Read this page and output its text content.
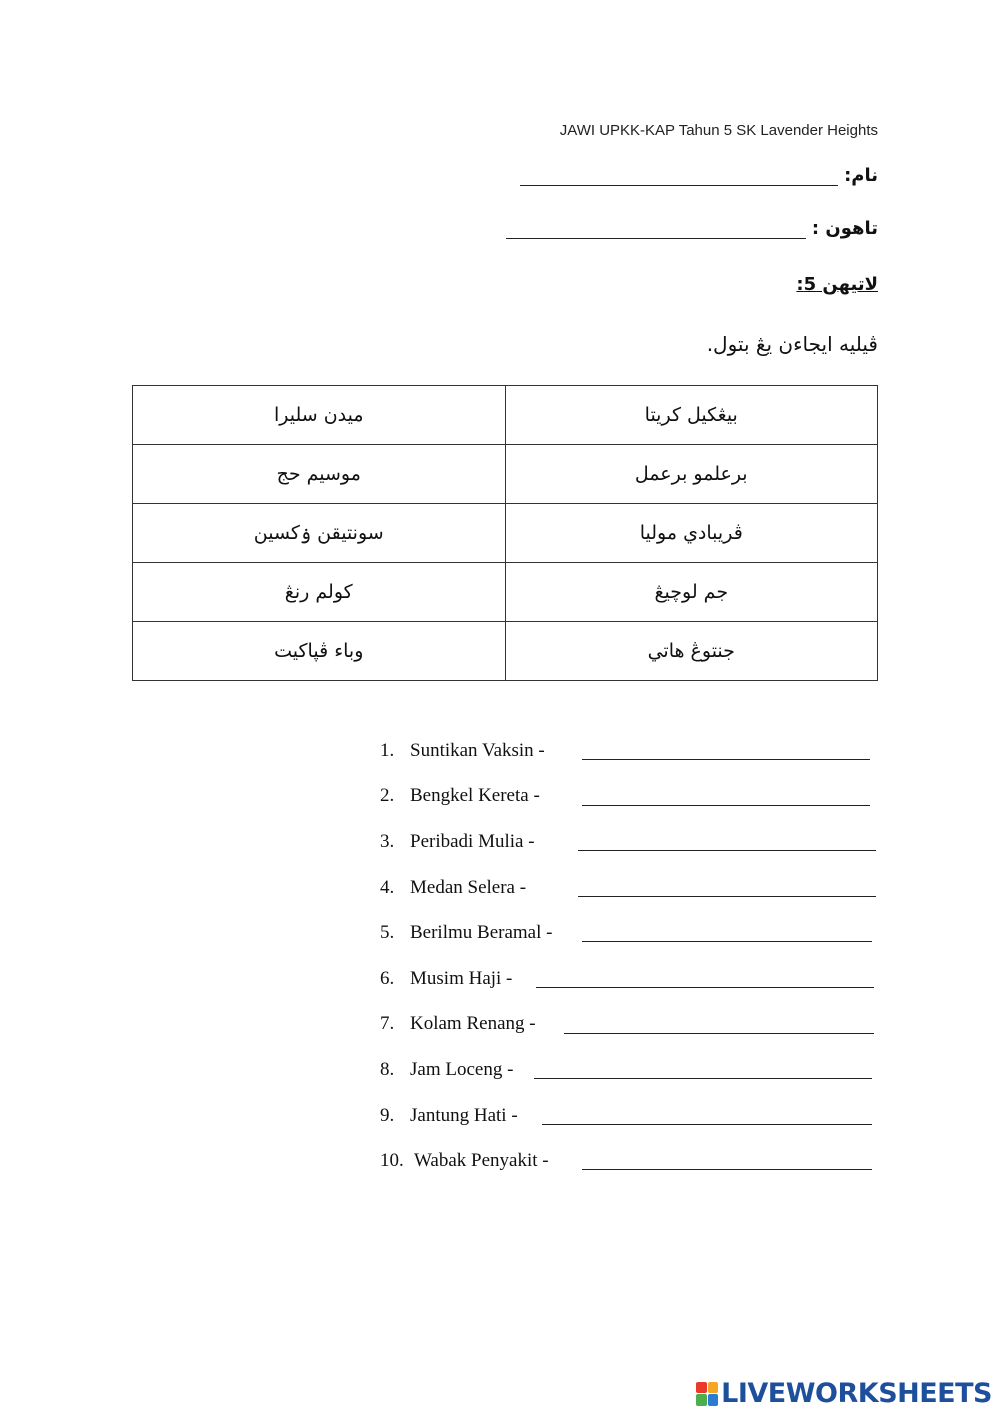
JAWI UPKK-KAP Tahun 5 SK Lavender Heights
نام:
تاهون :
لاتيهن 5:
ڤيليه ايجاءن يڠ بتول.
ميدن سليرا	بيڠكيل كريتا
موسيم حج	برعلمو برعمل
سونتيقن ۏكسين	ڤريبادي موليا
كولم رنڠ	جم لوچيڠ
وباء ڤڽاكيت	جنتوڠ هاتي
1. Suntikan Vaksin -
2. Bengkel Kereta -
3. Peribadi Mulia -
4. Medan Selera -
5. Berilmu Beramal -
6. Musim Haji -
7. Kolam Renang -
8. Jam Loceng -
9. Jantung Hati -
10. Wabak Penyakit -
LIVEWORKSHEETS
